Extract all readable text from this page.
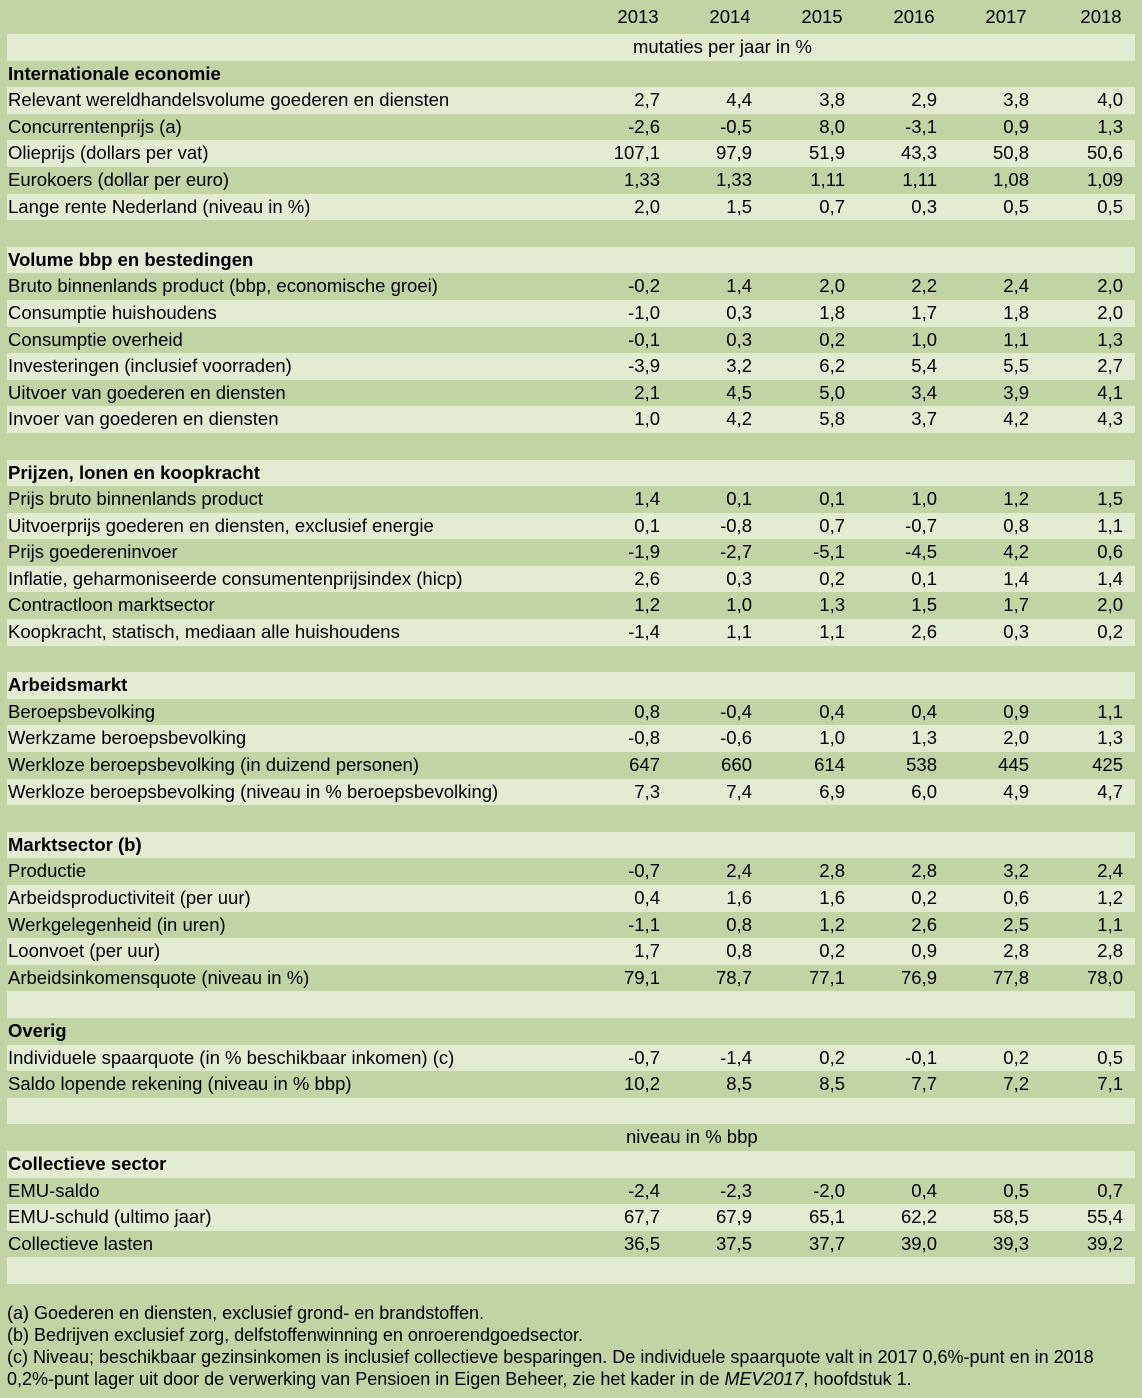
2013	2014	2015	2016	2017	2018
mutaties per jaar in %
Internationale economie
Relevant wereldhandelsvolume goederen en diensten	2,7	4,4	3,8	2,9	3,8	4,0
Concurrentenprijs (a)	-2,6	-0,5	8,0	-3,1	0,9	1,3
Olieprijs (dollars per vat)	107,1	97,9	51,9	43,3	50,8	50,6
Eurokoers (dollar per euro)	1,33	1,33	1,11	1,11	1,08	1,09
Lange rente Nederland (niveau in %)	2,0	1,5	0,7	0,3	0,5	0,5
Volume bbp en bestedingen
Bruto binnenlands product (bbp, economische groei)	-0,2	1,4	2,0	2,2	2,4	2,0
Consumptie huishoudens	-1,0	0,3	1,8	1,7	1,8	2,0
Consumptie overheid	-0,1	0,3	0,2	1,0	1,1	1,3
Investeringen (inclusief voorraden)	-3,9	3,2	6,2	5,4	5,5	2,7
Uitvoer van goederen en diensten	2,1	4,5	5,0	3,4	3,9	4,1
Invoer van goederen en diensten	1,0	4,2	5,8	3,7	4,2	4,3
Prijzen, lonen en koopkracht
Prijs bruto binnenlands product	1,4	0,1	0,1	1,0	1,2	1,5
Uitvoerprijs goederen en diensten, exclusief energie	0,1	-0,8	0,7	-0,7	0,8	1,1
Prijs goedereninvoer	-1,9	-2,7	-5,1	-4,5	4,2	0,6
Inflatie, geharmoniseerde consumentenprijsindex (hicp)	2,6	0,3	0,2	0,1	1,4	1,4
Contractloon marktsector	1,2	1,0	1,3	1,5	1,7	2,0
Koopkracht, statisch, mediaan alle huishoudens	-1,4	1,1	1,1	2,6	0,3	0,2
Arbeidsmarkt
Beroepsbevolking	0,8	-0,4	0,4	0,4	0,9	1,1
Werkzame beroepsbevolking	-0,8	-0,6	1,0	1,3	2,0	1,3
Werkloze beroepsbevolking (in duizend personen)	647	660	614	538	445	425
Werkloze beroepsbevolking (niveau in % beroepsbevolking)	7,3	7,4	6,9	6,0	4,9	4,7
Marktsector (b)
Productie	-0,7	2,4	2,8	2,8	3,2	2,4
Arbeidsproductiviteit (per uur)	0,4	1,6	1,6	0,2	0,6	1,2
Werkgelegenheid (in uren)	-1,1	0,8	1,2	2,6	2,5	1,1
Loonvoet (per uur)	1,7	0,8	0,2	0,9	2,8	2,8
Arbeidsinkomensquote (niveau in %)	79,1	78,7	77,1	76,9	77,8	78,0
Overig
Individuele spaarquote (in % beschikbaar inkomen) (c)	-0,7	-1,4	0,2	-0,1	0,2	0,5
Saldo lopende rekening (niveau in % bbp)	10,2	8,5	8,5	7,7	7,2	7,1
niveau in % bbp
Collectieve sector
EMU-saldo	-2,4	-2,3	-2,0	0,4	0,5	0,7
EMU-schuld (ultimo jaar)	67,7	67,9	65,1	62,2	58,5	55,4
Collectieve lasten	36,5	37,5	37,7	39,0	39,3	39,2
(a) Goederen en diensten, exclusief grond- en brandstoffen.
(b) Bedrijven exclusief zorg, delfstoffenwinning en onroerendgoedsector.
(c) Niveau; beschikbaar gezinsinkomen is inclusief collectieve besparingen. De individuele spaarquote valt in 2017 0,6%-punt en in 2018 0,2%-punt lager uit door de verwerking van Pensioen in Eigen Beheer, zie het kader in de MEV2017, hoofdstuk 1.
